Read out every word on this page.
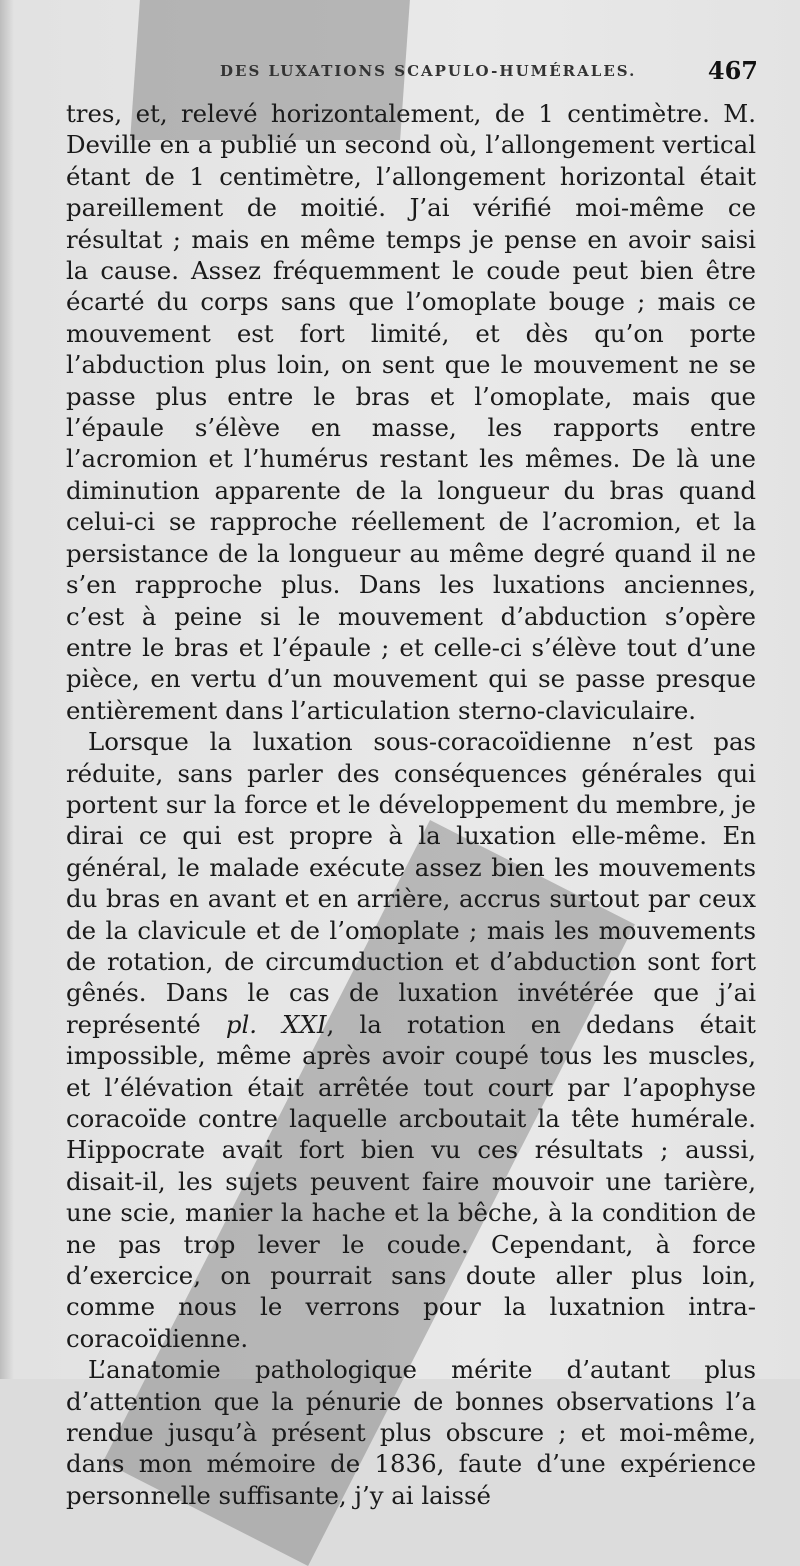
DES LUXATIONS SCAPULO-HUMÉRALES.	467

tres, et, relevé horizontalement, de 1 centimètre. M. Deville en a publié un second où, l’allongement vertical étant de 1 centimètre, l’allongement horizontal était pareillement de moitié. J’ai vérifié moi-même ce résultat ; mais en même temps je pense en avoir saisi la cause. Assez fréquemment le coude peut bien être écarté du corps sans que l’omoplate bouge ; mais ce mouvement est fort limité, et dès qu’on porte l’abduction plus loin, on sent que le mouvement ne se passe plus entre le bras et l’omoplate, mais que l’épaule s’élève en masse, les rapports entre l’acromion et l’humérus restant les mêmes. De là une diminution apparente de la longueur du bras quand celui-ci se rapproche réellement de l’acromion, et la persistance de la longueur au même degré quand il ne s’en rapproche plus. Dans les luxations anciennes, c’est à peine si le mouvement d’abduction s’opère entre le bras et l’épaule ; et celle-ci s’élève tout d’une pièce, en vertu d’un mouvement qui se passe presque entièrement dans l’articulation sterno-claviculaire.

Lorsque la luxation sous-coracoïdienne n’est pas réduite, sans parler des conséquences générales qui portent sur la force et le développement du membre, je dirai ce qui est propre à la luxation elle-même. En général, le malade exécute assez bien les mouvements du bras en avant et en arrière, accrus surtout par ceux de la clavicule et de l’omoplate ; mais les mouvements de rotation, de circumduction et d’abduction sont fort gênés. Dans le cas de luxation invétérée que j’ai représenté pl. XXI, la rotation en dedans était impossible, même après avoir coupé tous les muscles, et l’élévation était arrêtée tout court par l’apophyse coracoïde contre laquelle arcboutait la tête humérale. Hippocrate avait fort bien vu ces résultats ; aussi, disait-il, les sujets peuvent faire mouvoir une tarière, une scie, manier la hache et la bêche, à la condition de ne pas trop lever le coude. Cependant, à force d’exercice, on pourrait sans doute aller plus loin, comme nous le verrons pour la luxatnion intra-coracoïdienne.

L’anatomie pathologique mérite d’autant plus d’attention que la pénurie de bonnes observations l’a rendue jusqu’à présent plus obscure ; et moi-même, dans mon mémoire de 1836, faute d’une expérience personnelle suffisante, j’y ai laissé
